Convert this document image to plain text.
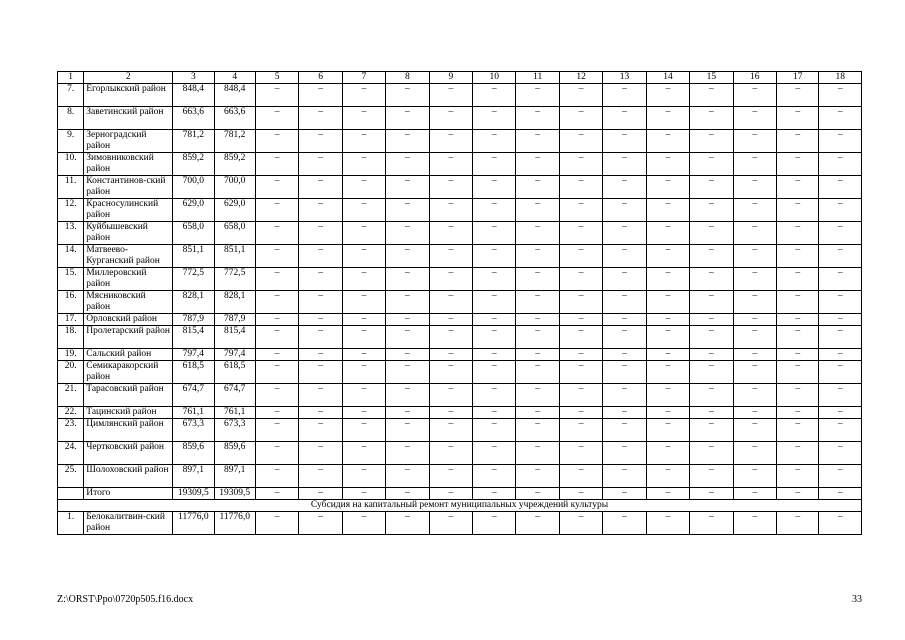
1	2	3	4	5	6	7	8	9	10	11	12	13	14	15	16	17	18
7.	Егорлыкский район	848,4	848,4	–	–	–	–	–	–	–	–	–	–	–	–	–	–
8.	Заветинский район	663,6	663,6	–	–	–	–	–	–	–	–	–	–	–	–	–	–
9.	Зерноградский район	781,2	781,2	–	–	–	–	–	–	–	–	–	–	–	–	–	–
10.	Зимовниковский район	859,2	859,2	–	–	–	–	–	–	–	–	–	–	–	–	–	–
11.	Константинов-ский район	700,0	700,0	–	–	–	–	–	–	–	–	–	–	–	–	–	–
12.	Красносулинский район	629,0	629,0	–	–	–	–	–	–	–	–	–	–	–	–	–	–
13.	Куйбышевский район	658,0	658,0	–	–	–	–	–	–	–	–	–	–	–	–	–	–
14.	Матвеево-Курганский район	851,1	851,1	–	–	–	–	–	–	–	–	–	–	–	–	–	–
15.	Миллеровский район	772,5	772,5	–	–	–	–	–	–	–	–	–	–	–	–	–	–
16.	Мясниковский район	828,1	828,1	–	–	–	–	–	–	–	–	–	–	–	–	–	–
17.	Орловский район	787,9	787,9	–	–	–	–	–	–	–	–	–	–	–	–	–	–
18.	Пролетарский район	815,4	815,4	–	–	–	–	–	–	–	–	–	–	–	–	–	–
19.	Сальский район	797,4	797,4	–	–	–	–	–	–	–	–	–	–	–	–	–	–
20.	Семикаракорский район	618,5	618,5	–	–	–	–	–	–	–	–	–	–	–	–	–	–
21.	Тарасовский район	674,7	674,7	–	–	–	–	–	–	–	–	–	–	–	–	–	–
22.	Тацинский район	761,1	761,1	–	–	–	–	–	–	–	–	–	–	–	–	–	–
23.	Цимлянский район	673,3	673,3	–	–	–	–	–	–	–	–	–	–	–	–	–	–
24.	Чертковский район	859,6	859,6	–	–	–	–	–	–	–	–	–	–	–	–	–	–
25.	Шолоховский район	897,1	897,1	–	–	–	–	–	–	–	–	–	–	–	–	–	–
	Итого	19309,5	19309,5	–	–	–	–	–	–	–	–	–	–	–	–	–	–
Субсидия на капитальный ремонт муниципальных учреждений культуры																	
1.	Белокалитвин-ский район	11776,0	11776,0	–	–	–	–	–	–	–	–	–	–	–	–	–	–
Z:\ORST\Ppo\0720p505.f16.docx	33
